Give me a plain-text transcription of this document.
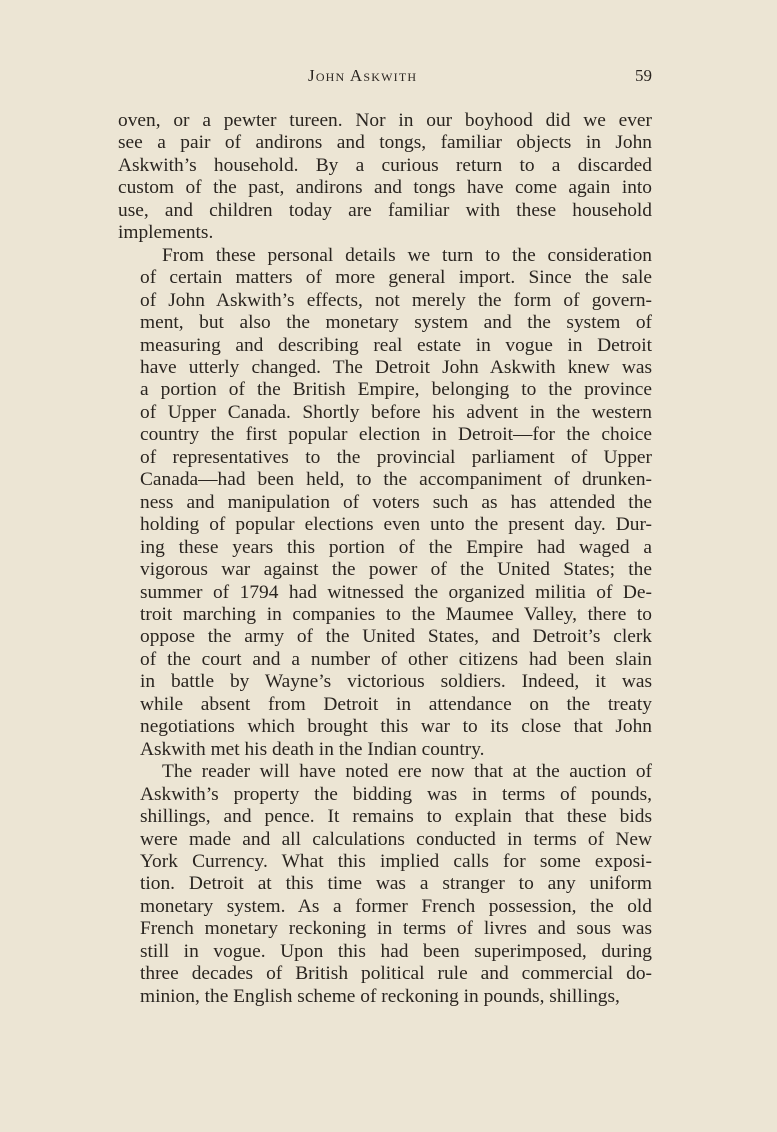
John Askwith	59
oven, or a pewter tureen. Nor in our boyhood did we ever
see a pair of andirons and tongs, familiar objects in John
Askwith’s household. By a curious return to a discarded
custom of the past, andirons and tongs have come again into
use, and children today are familiar with these household
implements.
From these personal details we turn to the consideration
of certain matters of more general import. Since the sale
of John Askwith’s effects, not merely the form of govern-
ment, but also the monetary system and the system of
measuring and describing real estate in vogue in Detroit
have utterly changed. The Detroit John Askwith knew was
a portion of the British Empire, belonging to the province
of Upper Canada. Shortly before his advent in the western
country the first popular election in Detroit—for the choice
of representatives to the provincial parliament of Upper
Canada—had been held, to the accompaniment of drunken-
ness and manipulation of voters such as has attended the
holding of popular elections even unto the present day. Dur-
ing these years this portion of the Empire had waged a
vigorous war against the power of the United States; the
summer of 1794 had witnessed the organized militia of De-
troit marching in companies to the Maumee Valley, there to
oppose the army of the United States, and Detroit’s clerk
of the court and a number of other citizens had been slain
in battle by Wayne’s victorious soldiers. Indeed, it was
while absent from Detroit in attendance on the treaty
negotiations which brought this war to its close that John
Askwith met his death in the Indian country.
The reader will have noted ere now that at the auction of
Askwith’s property the bidding was in terms of pounds,
shillings, and pence. It remains to explain that these bids
were made and all calculations conducted in terms of New
York Currency. What this implied calls for some exposi-
tion. Detroit at this time was a stranger to any uniform
monetary system. As a former French possession, the old
French monetary reckoning in terms of livres and sous was
still in vogue. Upon this had been superimposed, during
three decades of British political rule and commercial do-
minion, the English scheme of reckoning in pounds, shillings,
